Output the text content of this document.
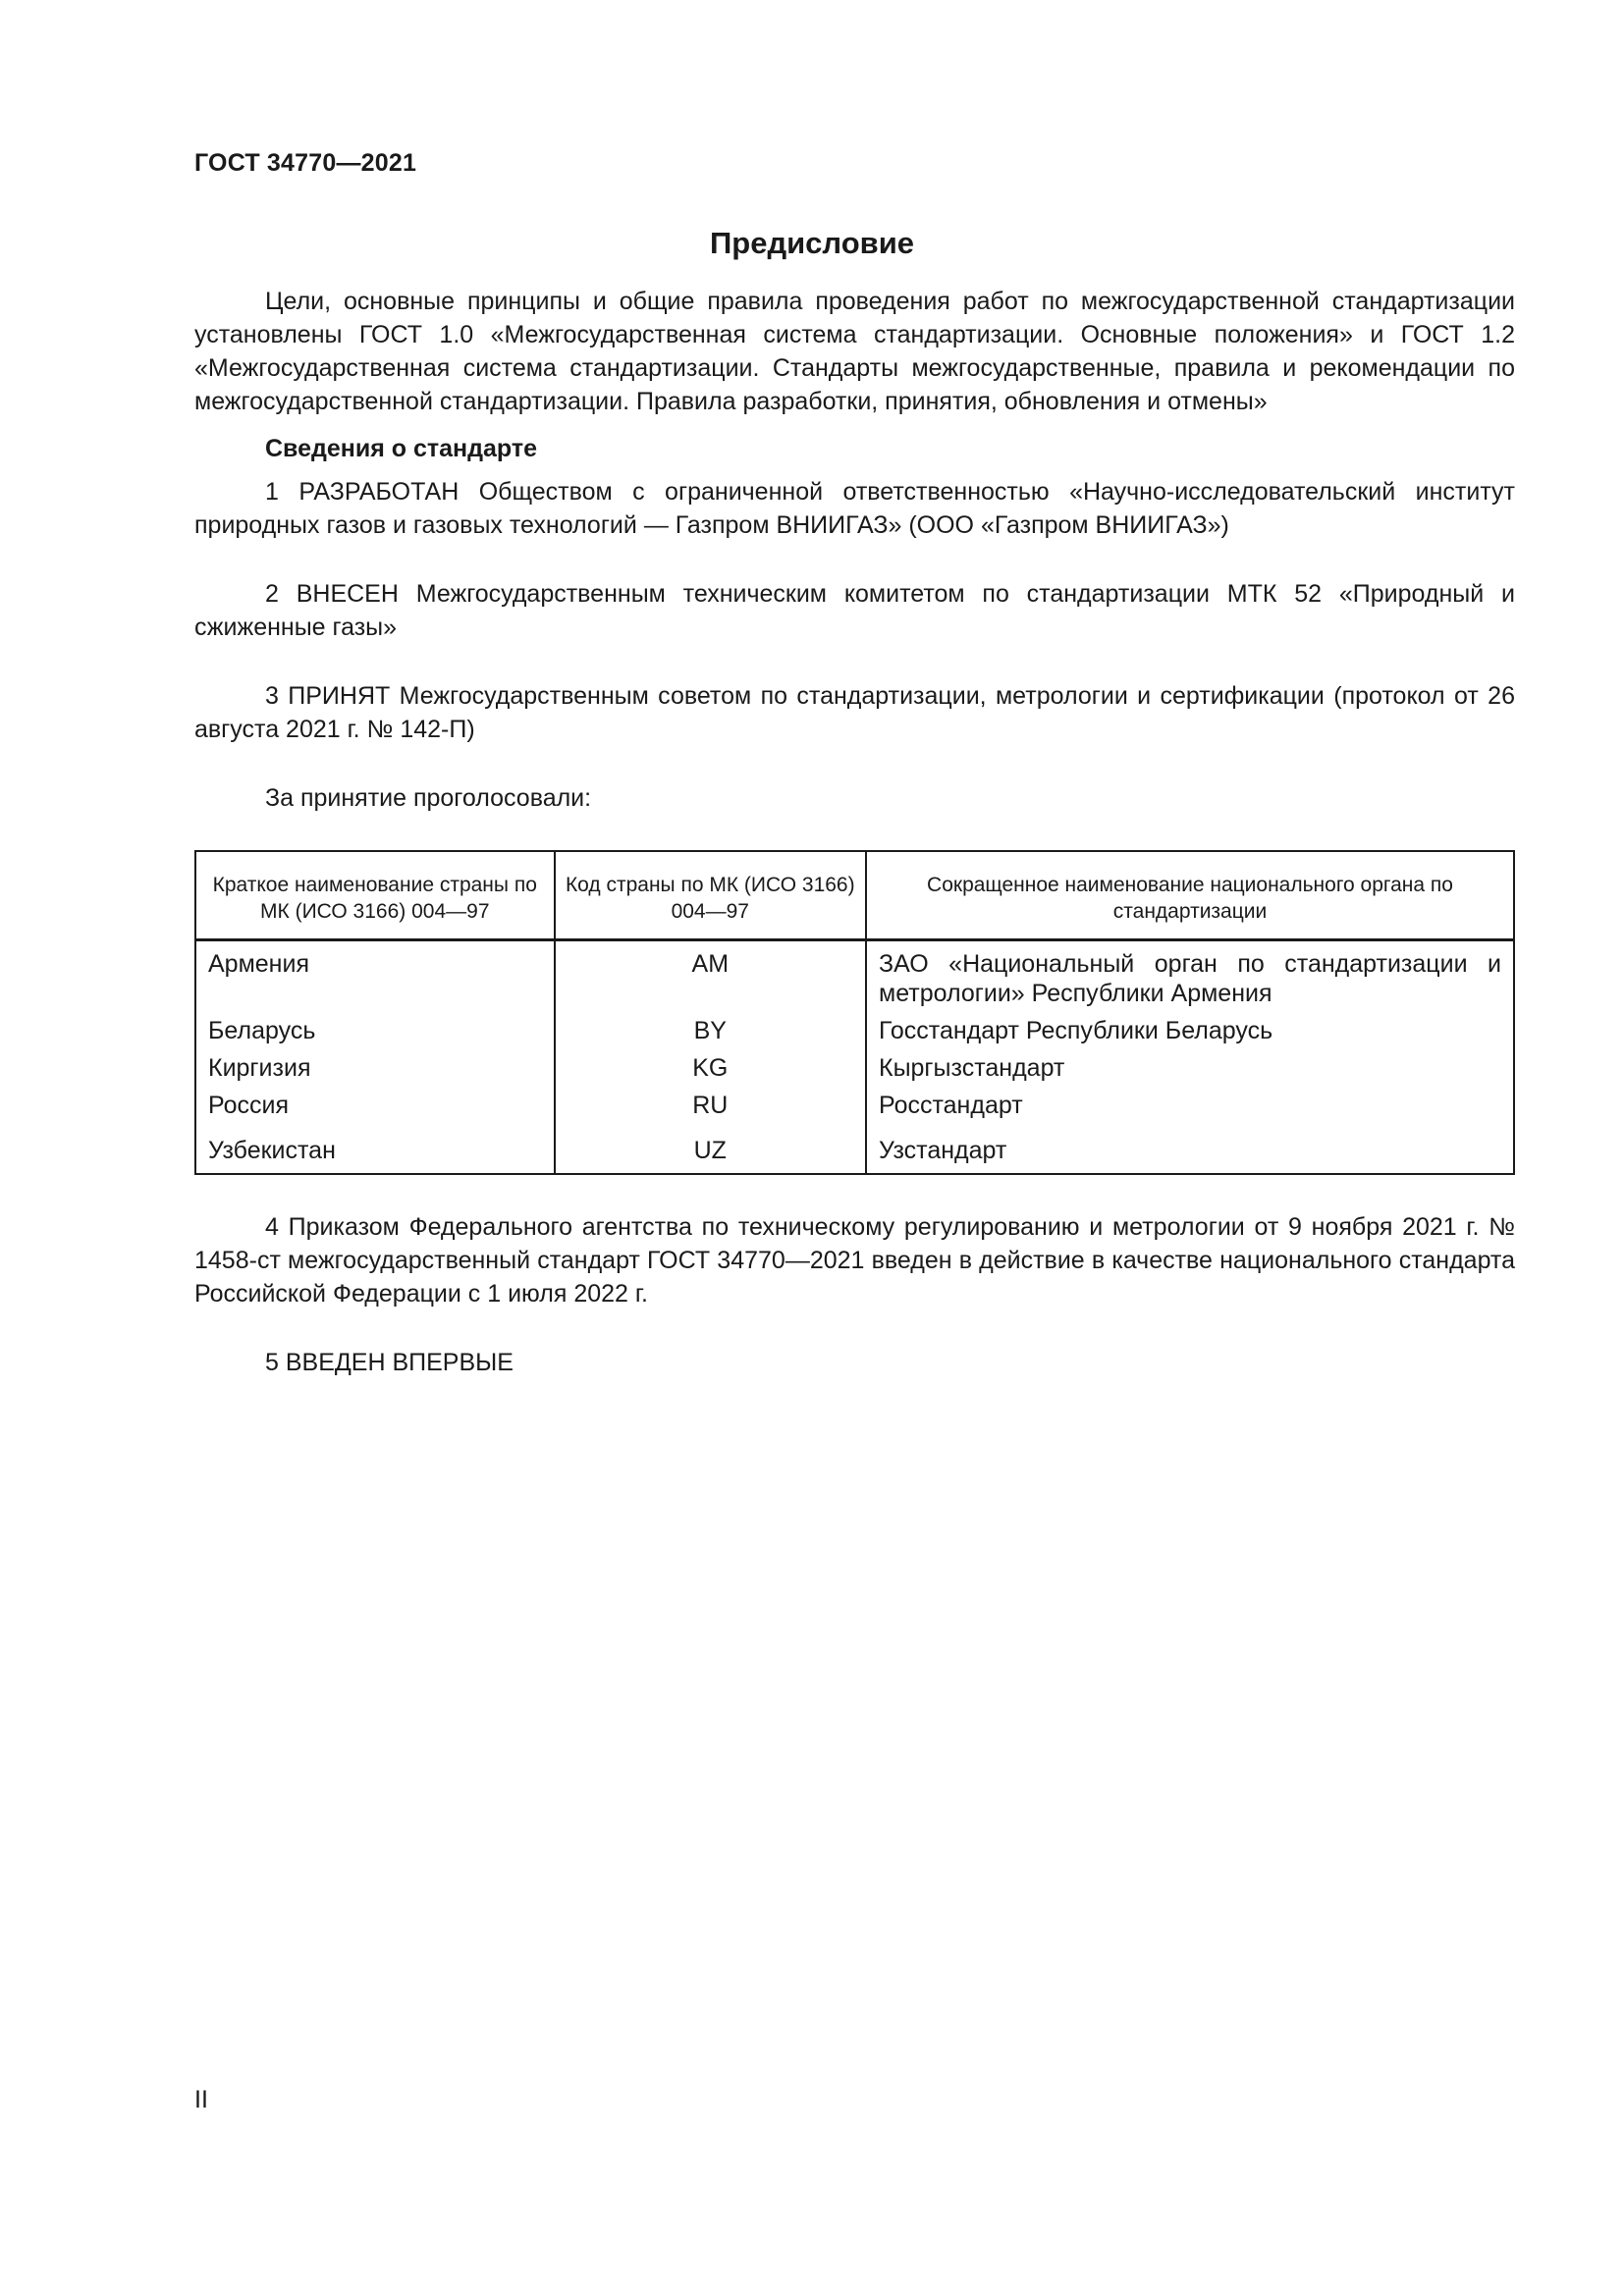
ГОСТ 34770—2021
Предисловие

Цели, основные принципы и общие правила проведения работ по межгосударственной стандартизации установлены ГОСТ 1.0 «Межгосударственная система стандартизации. Основные положения» и ГОСТ 1.2 «Межгосударственная система стандартизации. Стандарты межгосударственные, правила и рекомендации по межгосударственной стандартизации. Правила разработки, принятия, обновления и отмены»

Сведения о стандарте

1 РАЗРАБОТАН Обществом с ограниченной ответственностью «Научно-исследовательский институт природных газов и газовых технологий — Газпром ВНИИГАЗ» (ООО «Газпром ВНИИГАЗ»)

2 ВНЕСЕН Межгосударственным техническим комитетом по стандартизации МТК 52 «Природный и сжиженные газы»

3 ПРИНЯТ Межгосударственным советом по стандартизации, метрологии и сертификации (протокол от 26 августа 2021 г. № 142-П)

За принятие проголосовали:

Краткое наименование страны по МК (ИСО 3166) 004—97	Код страны по МК (ИСО 3166) 004—97	Сокращенное наименование национального органа по стандартизации
Армения	AM	ЗАО «Национальный орган по стандартизации и метрологии» Республики Армения
Беларусь	BY	Госстандарт Республики Беларусь
Киргизия	KG	Кыргызстандарт
Россия	RU	Росстандарт
Узбекистан	UZ	Узстандарт

4 Приказом Федерального агентства по техническому регулированию и метрологии от 9 ноября 2021 г. № 1458-ст межгосударственный стандарт ГОСТ 34770—2021 введен в действие в качестве национального стандарта Российской Федерации с 1 июля 2022 г.

5 ВВЕДЕН ВПЕРВЫЕ

II
